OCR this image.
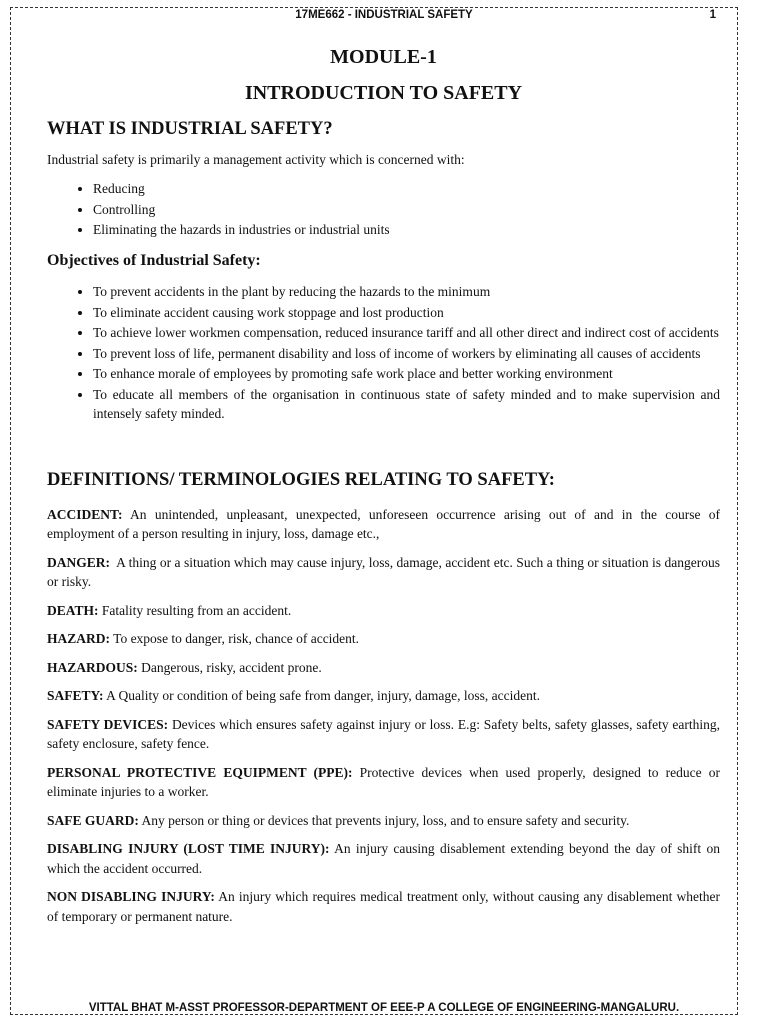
17ME662 - INDUSTRIAL SAFETY	1
MODULE-1
INTRODUCTION TO SAFETY
WHAT IS INDUSTRIAL SAFETY?

Industrial safety is primarily a management activity which is concerned with:

• Reducing
• Controlling
• Eliminating the hazards in industries or industrial units
Objectives of Industrial Safety:
• To prevent accidents in the plant by reducing the hazards to the minimum
• To eliminate accident causing work stoppage and lost production
• To achieve lower workmen compensation, reduced insurance tariff and all other direct and indirect cost of accidents
• To prevent loss of life, permanent disability and loss of income of workers by eliminating all causes of accidents
• To enhance morale of employees by promoting safe work place and better working environment
• To educate all members of the organisation in continuous state of safety minded and to make supervision and intensely safety minded.
DEFINITIONS/ TERMINOLOGIES RELATING TO SAFETY:
ACCIDENT: An unintended, unpleasant, unexpected, unforeseen occurrence arising out of and in the course of employment of a person resulting in injury, loss, damage etc.,
DANGER: A thing or a situation which may cause injury, loss, damage, accident etc. Such a thing or situation is dangerous or risky.
DEATH: Fatality resulting from an accident.
HAZARD: To expose to danger, risk, chance of accident.
HAZARDOUS: Dangerous, risky, accident prone.
SAFETY: A Quality or condition of being safe from danger, injury, damage, loss, accident.
SAFETY DEVICES: Devices which ensures safety against injury or loss. E.g: Safety belts, safety glasses, safety earthing, safety enclosure, safety fence.
PERSONAL PROTECTIVE EQUIPMENT (PPE): Protective devices when used properly, designed to reduce or eliminate injuries to a worker.
SAFE GUARD: Any person or thing or devices that prevents injury, loss, and to ensure safety and security.
DISABLING INJURY (LOST TIME INJURY): An injury causing disablement extending beyond the day of shift on which the accident occurred.
NON DISABLING INJURY: An injury which requires medical treatment only, without causing any disablement whether of temporary or permanent nature.
VITTAL BHAT M-ASST PROFESSOR-DEPARTMENT OF EEE-P A COLLEGE OF ENGINEERING-MANGALURU.
